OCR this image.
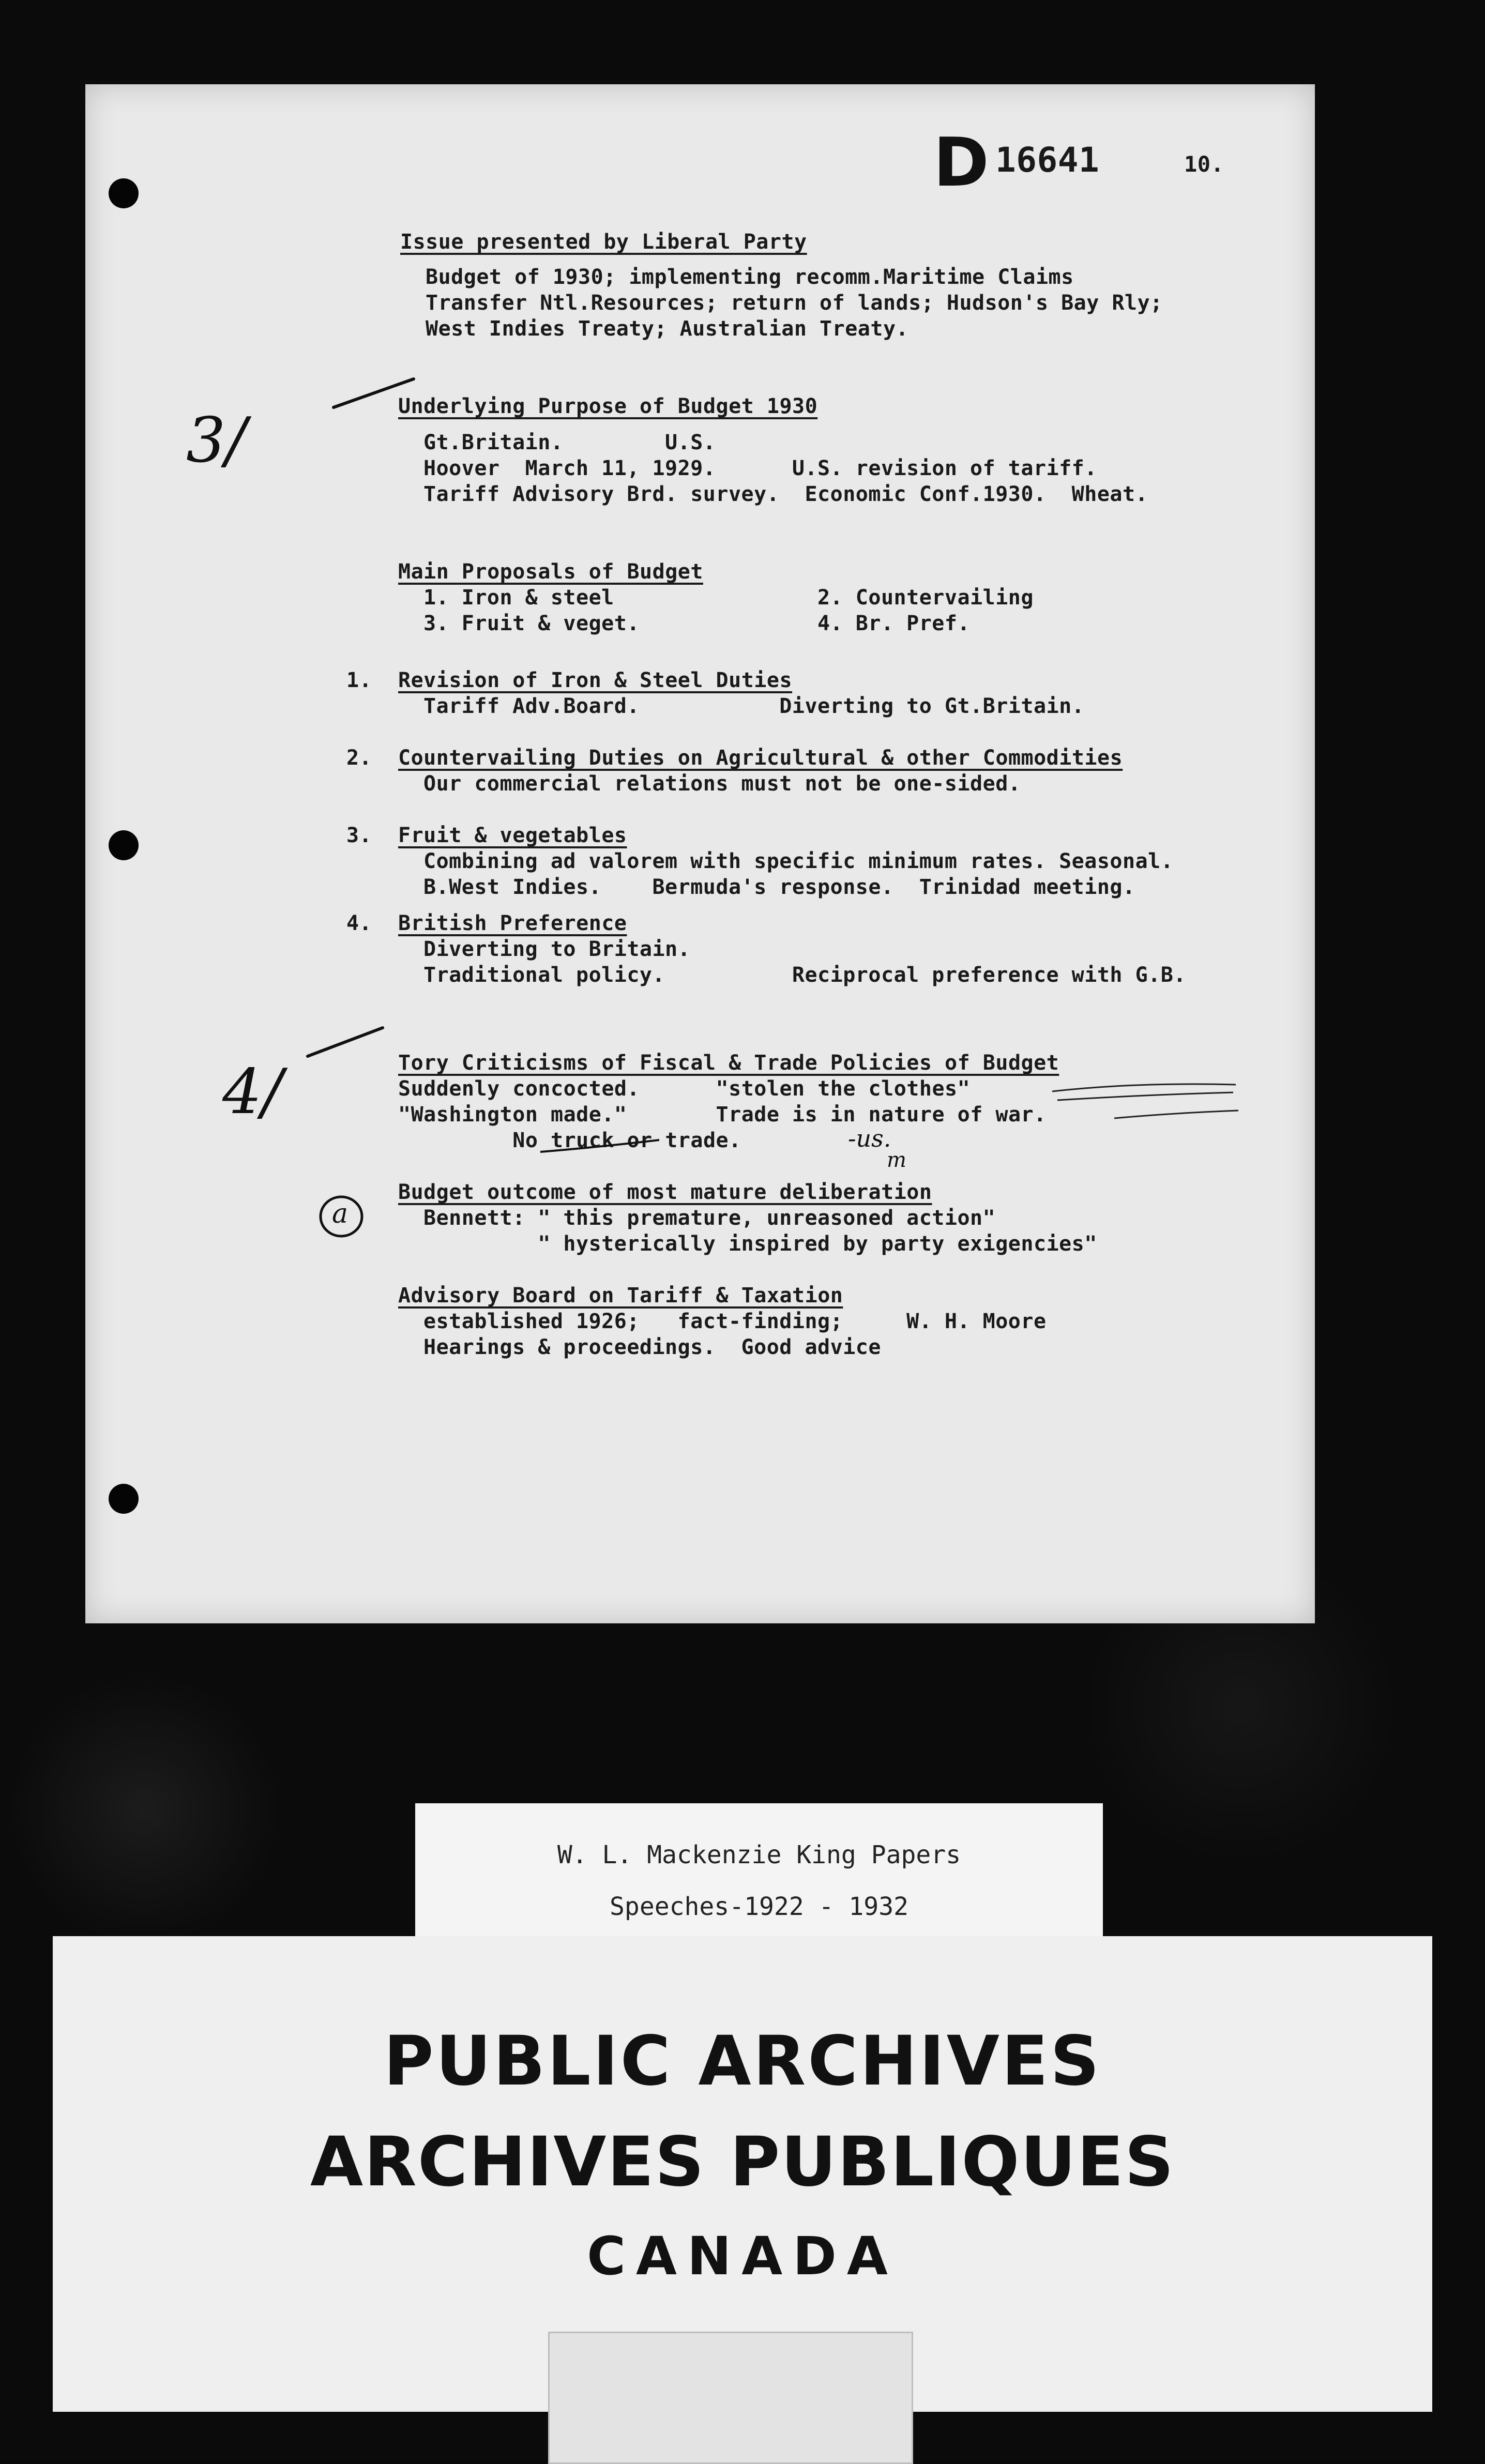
D 16641	10.
Issue presented by Liberal Party
Budget of 1930; implementing recomm.Maritime Claims
Transfer Ntl.Resources; return of lands; Hudson's Bay Rly;
West Indies Treaty; Australian Treaty.
Underlying Purpose of Budget 1930
Gt.Britain.        U.S.
Hoover  March 11, 1929.      U.S. revision of tariff.
Tariff Advisory Brd. survey.  Economic Conf.1930.  Wheat.
Main Proposals of Budget
1. Iron & steel                2. Countervailing
3. Fruit & veget.              4. Br. Pref.
1. Revision of Iron & Steel Duties
Tariff Adv.Board.           Diverting to Gt.Britain.
2. Countervailing Duties on Agricultural & other Commodities
Our commercial relations must not be one-sided.
3. Fruit & vegetables
Combining ad valorem with specific minimum rates. Seasonal.
B.West Indies.    Bermuda's response.  Trinidad meeting.
4. British Preference
Diverting to Britain.
Traditional policy.          Reciprocal preference with G.B.
Tory Criticisms of Fiscal & Trade Policies of Budget
Suddenly concocted.      "stolen the clothes"
"Washington made."       Trade is in nature of war.
No truck or trade.
Budget outcome of most mature deliberation
Bennett: " this premature, unreasoned action"
" hysterically inspired by party exigencies"
Advisory Board on Tariff & Taxation
established 1926;   fact-finding;     W. H. Moore
Hearings & proceedings.  Good advice
3/
4/
a
-us.
m
W. L. Mackenzie King Papers
Speeches-1922 - 1932
PUBLIC ARCHIVES
ARCHIVES PUBLIQUES
CANADA
